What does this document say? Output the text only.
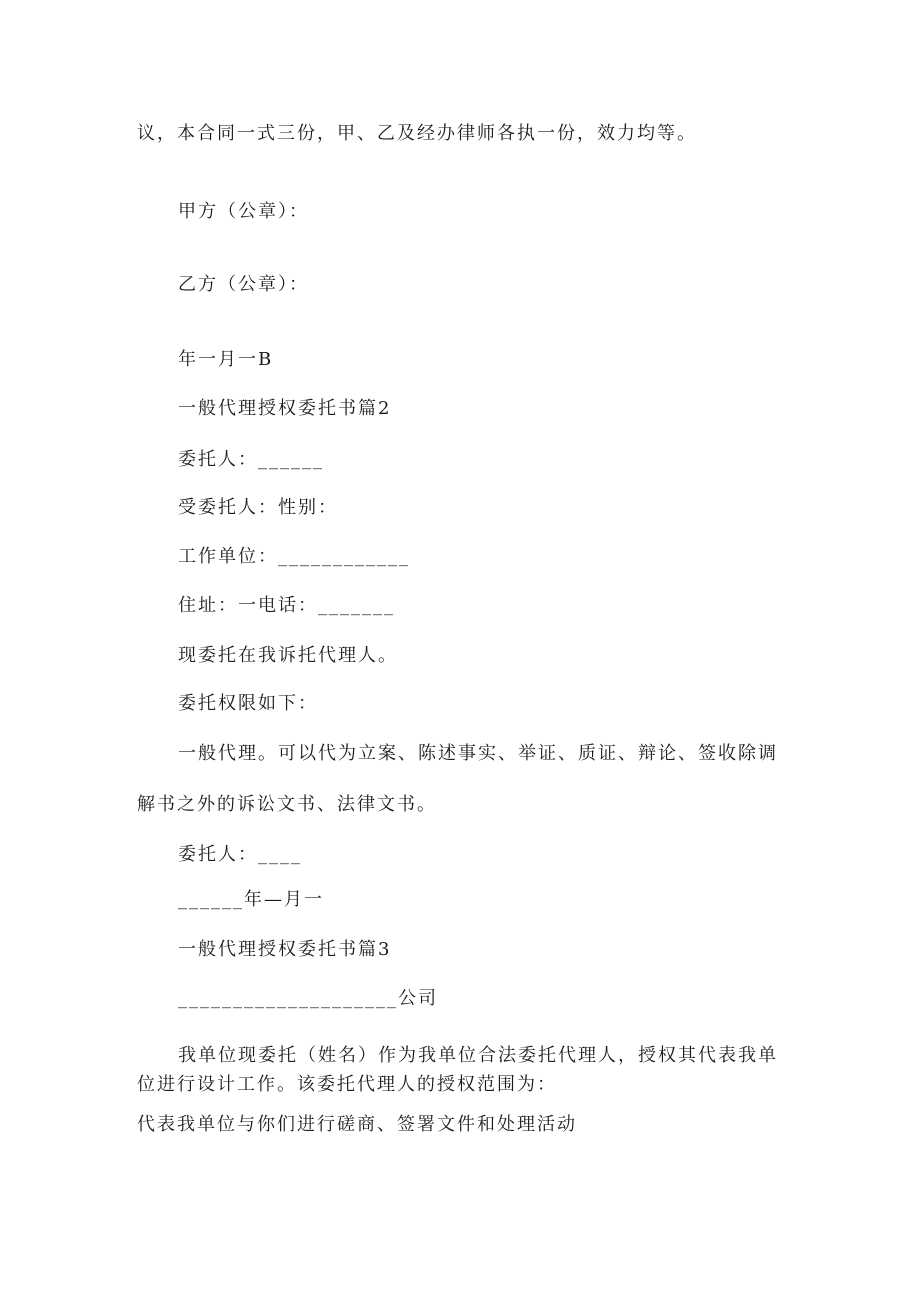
议，本合同一式三份，甲、乙及经办律师各执一份，效力均等。
甲方（公章）：
乙方（公章）：
年一月一B
一般代理授权委托书篇2
委托人：______
受委托人：性别：
工作单位：____________
住址：一电话：_______
现委托在我诉托代理人。
委托权限如下：
一般代理。可以代为立案、陈述事实、举证、质证、辩论、签收除调
解书之外的诉讼文书、法律文书。
委托人：____
______年—月一
一般代理授权委托书篇3
____________________公司
我单位现委托（姓名）作为我单位合法委托代理人，授权其代表我单
位进行设计工作。该委托代理人的授权范围为：
代表我单位与你们进行磋商、签署文件和处理活动
